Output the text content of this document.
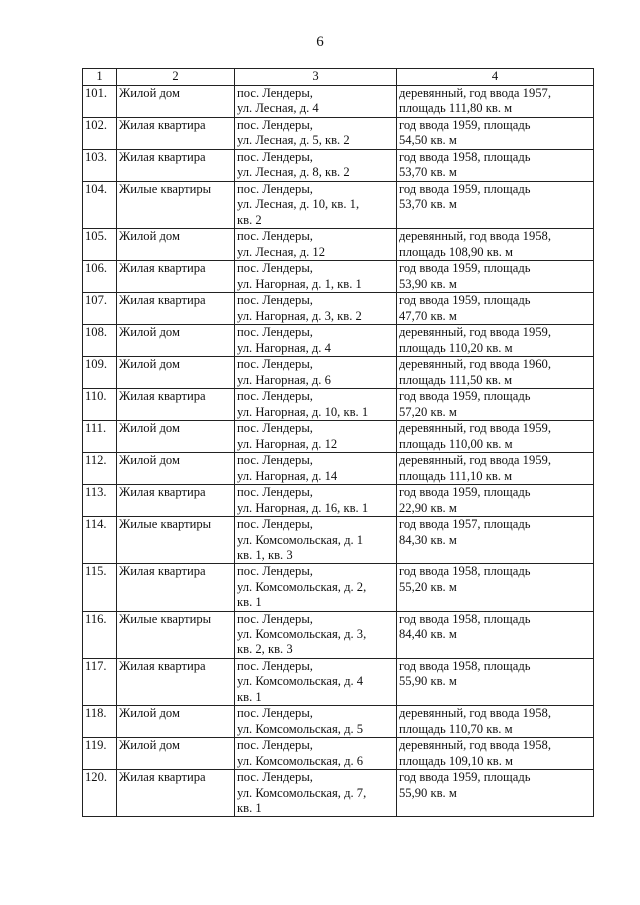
6
1	2	3	4
101.	Жилой дом	пос. Лендеры,
ул. Лесная, д. 4	деревянный, год ввода 1957,
площадь 111,80 кв. м

102.	Жилая квартира	пос. Лендеры,
ул. Лесная, д. 5, кв. 2	год ввода 1959, площадь
54,50 кв. м

103.	Жилая квартира	пос. Лендеры,
ул. Лесная, д. 8, кв. 2	год ввода 1958, площадь
53,70 кв. м

104.	Жилые квартиры	пос. Лендеры,
ул. Лесная, д. 10, кв. 1,
кв. 2	год ввода 1959, площадь
53,70 кв. м

105.	Жилой дом	пос. Лендеры,
ул. Лесная, д. 12	деревянный, год ввода 1958,
площадь 108,90 кв. м

106.	Жилая квартира	пос. Лендеры,
ул. Нагорная, д. 1, кв. 1	год ввода 1959, площадь
53,90 кв. м

107.	Жилая квартира	пос. Лендеры,
ул. Нагорная, д. 3, кв. 2	год ввода 1959, площадь
47,70 кв. м

108.	Жилой дом	пос. Лендеры,
ул. Нагорная, д. 4	деревянный, год ввода 1959,
площадь 110,20 кв. м

109.	Жилой дом	пос. Лендеры,
ул. Нагорная, д. 6	деревянный, год ввода 1960,
площадь 111,50 кв. м

110.	Жилая квартира	пос. Лендеры,
ул. Нагорная, д. 10, кв. 1	год ввода 1959, площадь
57,20 кв. м

111.	Жилой дом	пос. Лендеры,
ул. Нагорная, д. 12	деревянный, год ввода 1959,
площадь 110,00 кв. м

112.	Жилой дом	пос. Лендеры,
ул. Нагорная, д. 14	деревянный, год ввода 1959,
площадь 111,10 кв. м

113.	Жилая квартира	пос. Лендеры,
ул. Нагорная, д. 16, кв. 1	год ввода 1959, площадь
22,90 кв. м

114.	Жилые квартиры	пос. Лендеры,
ул. Комсомольская, д. 1
кв. 1, кв. 3	год ввода 1957, площадь
84,30 кв. м

115.	Жилая квартира	пос. Лендеры,
ул. Комсомольская, д. 2,
кв. 1	год ввода 1958, площадь
55,20 кв. м

116.	Жилые квартиры	пос. Лендеры,
ул. Комсомольская, д. 3,
кв. 2, кв. 3	год ввода 1958, площадь
84,40 кв. м

117.	Жилая квартира	пос. Лендеры,
ул. Комсомольская, д. 4
кв. 1	год ввода 1958, площадь
55,90 кв. м

118.	Жилой дом	пос. Лендеры,
ул. Комсомольская, д. 5	деревянный, год ввода 1958,
площадь 110,70 кв. м

119.	Жилой дом	пос. Лендеры,
ул. Комсомольская, д. 6	деревянный, год ввода 1958,
площадь 109,10 кв. м

120.	Жилая квартира	пос. Лендеры,
ул. Комсомольская, д. 7,
кв. 1	год ввода 1959, площадь
55,90 кв. м
